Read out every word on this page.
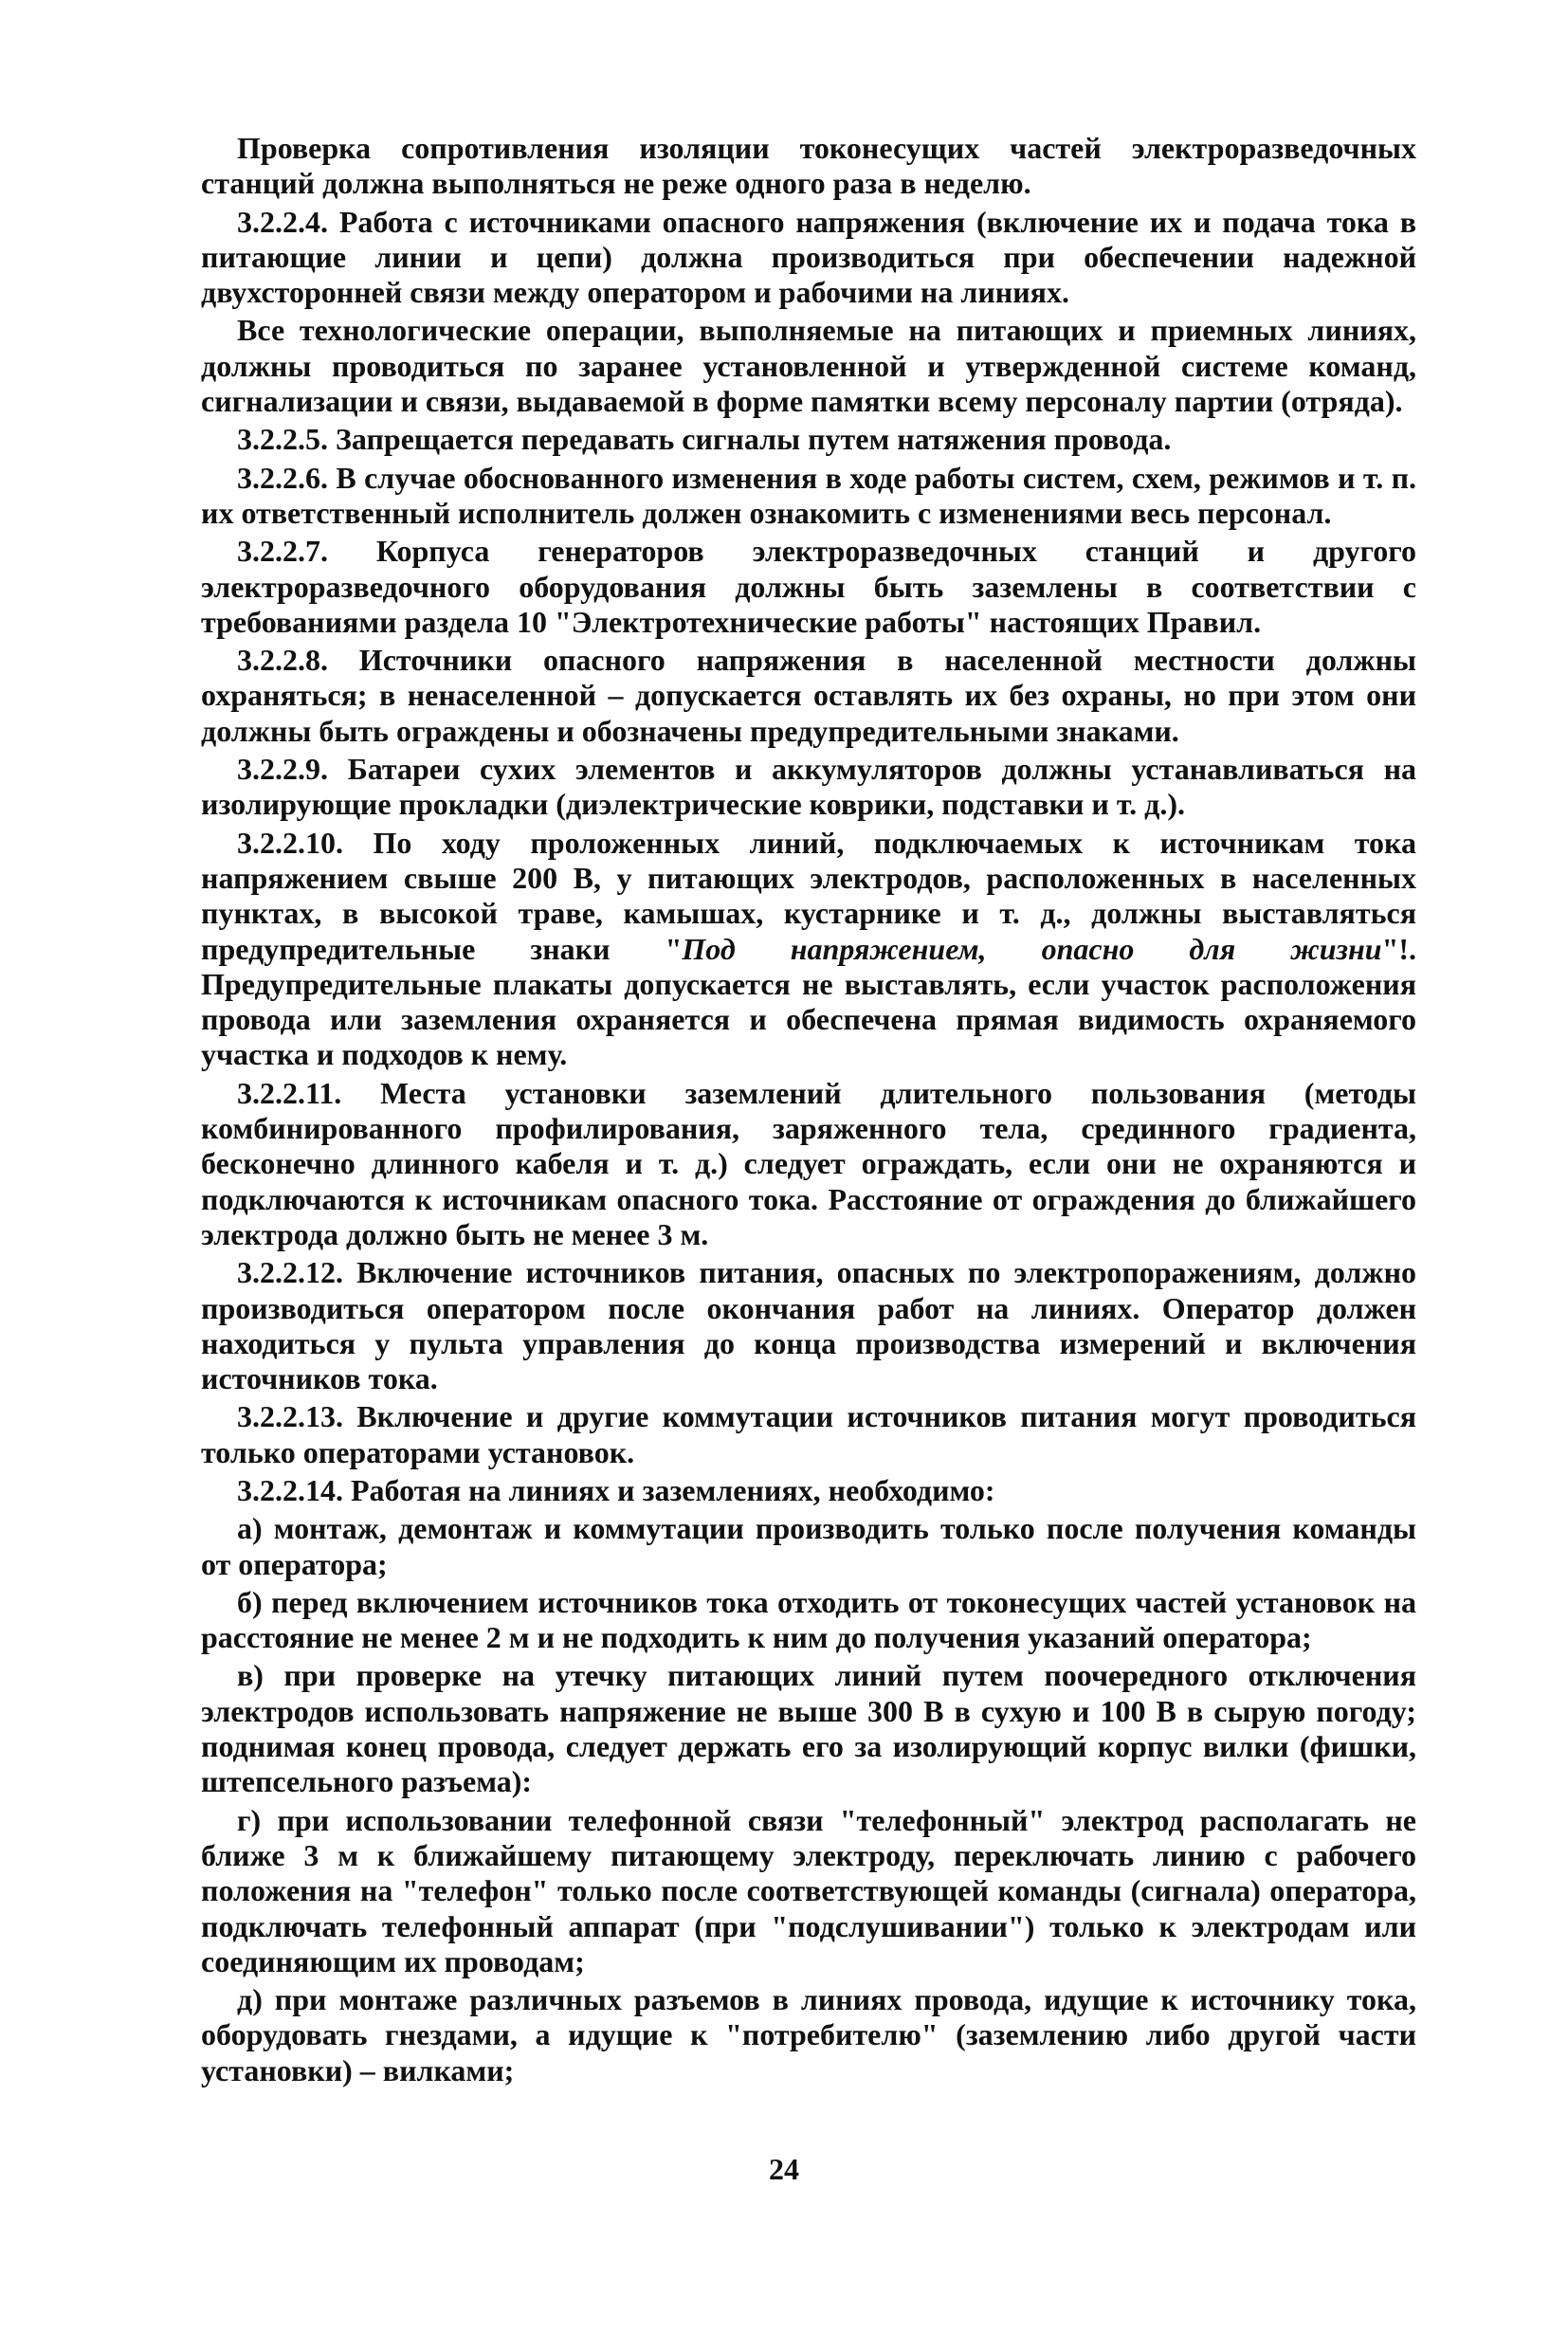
Проверка сопротивления изоляции токонесущих частей электроразведочных станций должна выполняться не реже одного раза в неделю.

3.2.2.4. Работа с источниками опасного напряжения (включение их и подача тока в питающие линии и цепи) должна производиться при обеспечении надежной двухсторонней связи между оператором и рабочими на линиях.

Все технологические операции, выполняемые на питающих и приемных линиях, должны проводиться по заранее установленной и утвержденной системе команд, сигнализации и связи, выдаваемой в форме памятки всему персоналу партии (отряда).

3.2.2.5. Запрещается передавать сигналы путем натяжения провода.

3.2.2.6. В случае обоснованного изменения в ходе работы систем, схем, режимов и т. п. их ответственный исполнитель должен ознакомить с изменениями весь персонал.

3.2.2.7. Корпуса генераторов электроразведочных станций и другого электроразведочного оборудования должны быть заземлены в соответствии с требованиями раздела 10 "Электротехнические работы" настоящих Правил.

3.2.2.8. Источники опасного напряжения в населенной местности должны охраняться; в ненаселенной – допускается оставлять их без охраны, но при этом они должны быть ограждены и обозначены предупредительными знаками.

3.2.2.9. Батареи сухих элементов и аккумуляторов должны устанавливаться на изолирующие прокладки (диэлектрические коврики, подставки и т. д.).

3.2.2.10. По ходу проложенных линий, подключаемых к источникам тока напряжением свыше 200 В, у питающих электродов, расположенных в населенных пунктах, в высокой траве, камышах, кустарнике и т. д., должны выставляться предупредительные знаки "Под напряжением, опасно для жизни"!. Предупредительные плакаты допускается не выставлять, если участок расположения провода или заземления охраняется и обеспечена прямая видимость охраняемого участка и подходов к нему.

3.2.2.11. Места установки заземлений длительного пользования (методы комбинированного профилирования, заряженного тела, срединного градиента, бесконечно длинного кабеля и т. д.) следует ограждать, если они не охраняются и подключаются к источникам опасного тока. Расстояние от ограждения до ближайшего электрода должно быть не менее 3 м.

3.2.2.12. Включение источников питания, опасных по электропоражениям, должно производиться оператором после окончания работ на линиях. Оператор должен находиться у пульта управления до конца производства измерений и включения источников тока.

3.2.2.13. Включение и другие коммутации источников питания могут проводиться только операторами установок.

3.2.2.14. Работая на линиях и заземлениях, необходимо:

а) монтаж, демонтаж и коммутации производить только после получения команды от оператора;

б) перед включением источников тока отходить от токонесущих частей установок на расстояние не менее 2 м и не подходить к ним до получения указаний оператора;

в) при проверке на утечку питающих линий путем поочередного отключения электродов использовать напряжение не выше 300 В в сухую и 100 В в сырую погоду; поднимая конец провода, следует держать его за изолирующий корпус вилки (фишки, штепсельного разъема):

г) при использовании телефонной связи "телефонный" электрод располагать не ближе 3 м к ближайшему питающему электроду, переключать линию с рабочего положения на "телефон" только после соответствующей команды (сигнала) оператора, подключать телефонный аппарат (при "подслушивании") только к электродам или соединяющим их проводам;

д) при монтаже различных разъемов в линиях провода, идущие к источнику тока, оборудовать гнездами, а идущие к "потребителю" (заземлению либо другой части установки) – вилками;

24
